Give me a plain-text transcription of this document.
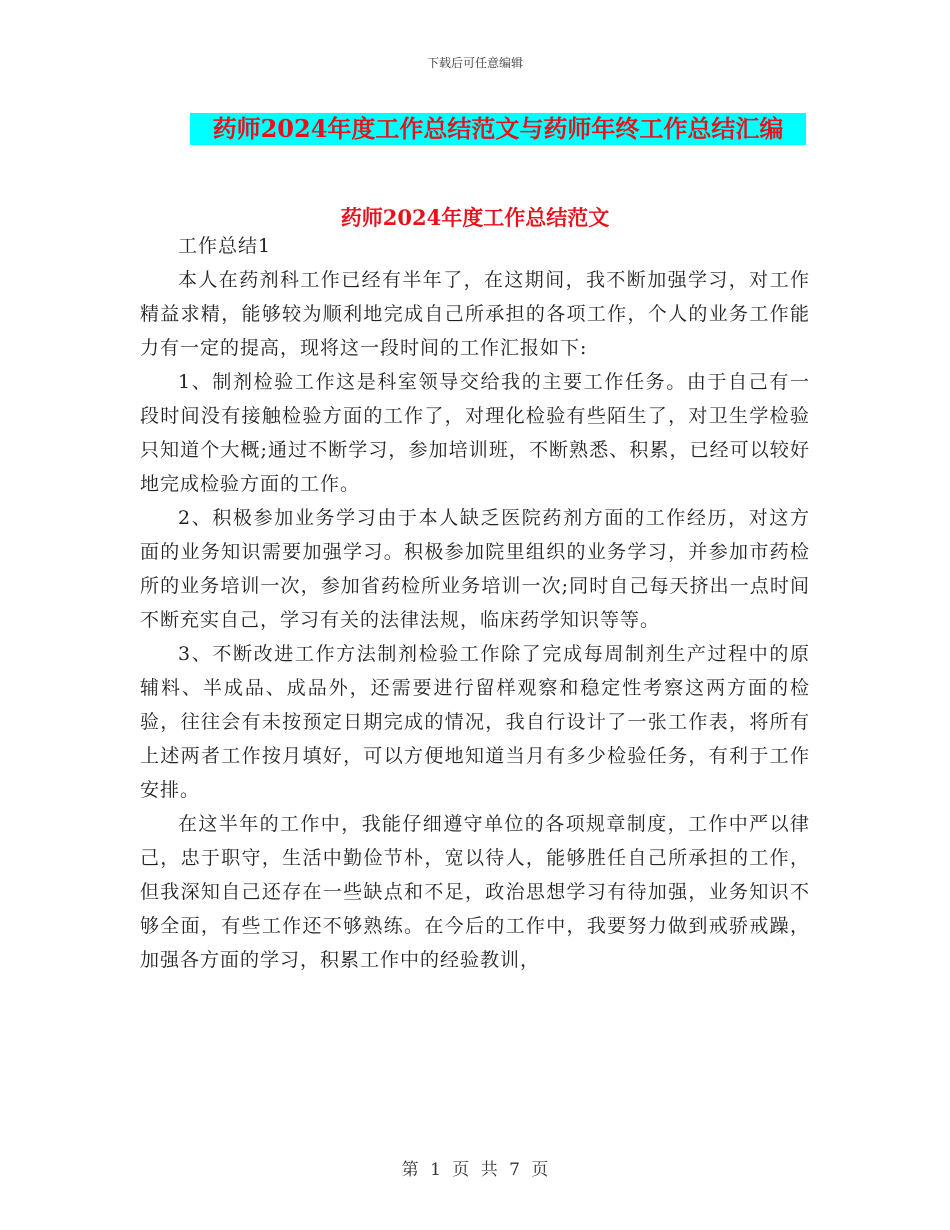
下载后可任意编辑
药师2024年度工作总结范文与药师年终工作总结汇编
药师2024年度工作总结范文

工作总结1

本人在药剂科工作已经有半年了，在这期间，我不断加强学习，对工作精益求精，能够较为顺利地完成自己所承担的各项工作，个人的业务工作能力有一定的提高，现将这一段时间的工作汇报如下:

1、制剂检验工作这是科室领导交给我的主要工作任务。由于自己有一段时间没有接触检验方面的工作了，对理化检验有些陌生了，对卫生学检验只知道个大概;通过不断学习，参加培训班，不断熟悉、积累，已经可以较好地完成检验方面的工作。

2、积极参加业务学习由于本人缺乏医院药剂方面的工作经历，对这方面的业务知识需要加强学习。积极参加院里组织的业务学习，并参加市药检所的业务培训一次，参加省药检所业务培训一次;同时自己每天挤出一点时间不断充实自己，学习有关的法律法规，临床药学知识等等。

3、不断改进工作方法制剂检验工作除了完成每周制剂生产过程中的原辅料、半成品、成品外，还需要进行留样观察和稳定性考察这两方面的检验，往往会有未按预定日期完成的情况，我自行设计了一张工作表，将所有上述两者工作按月填好，可以方便地知道当月有多少检验任务，有利于工作安排。

在这半年的工作中，我能仔细遵守单位的各项规章制度，工作中严以律己，忠于职守，生活中勤俭节朴，宽以待人，能够胜任自己所承担的工作，但我深知自己还存在一些缺点和不足，政治思想学习有待加强，业务知识不够全面，有些工作还不够熟练。在今后的工作中，我要努力做到戒骄戒躁，加强各方面的学习，积累工作中的经验教训，

第 1 页 共 7 页
